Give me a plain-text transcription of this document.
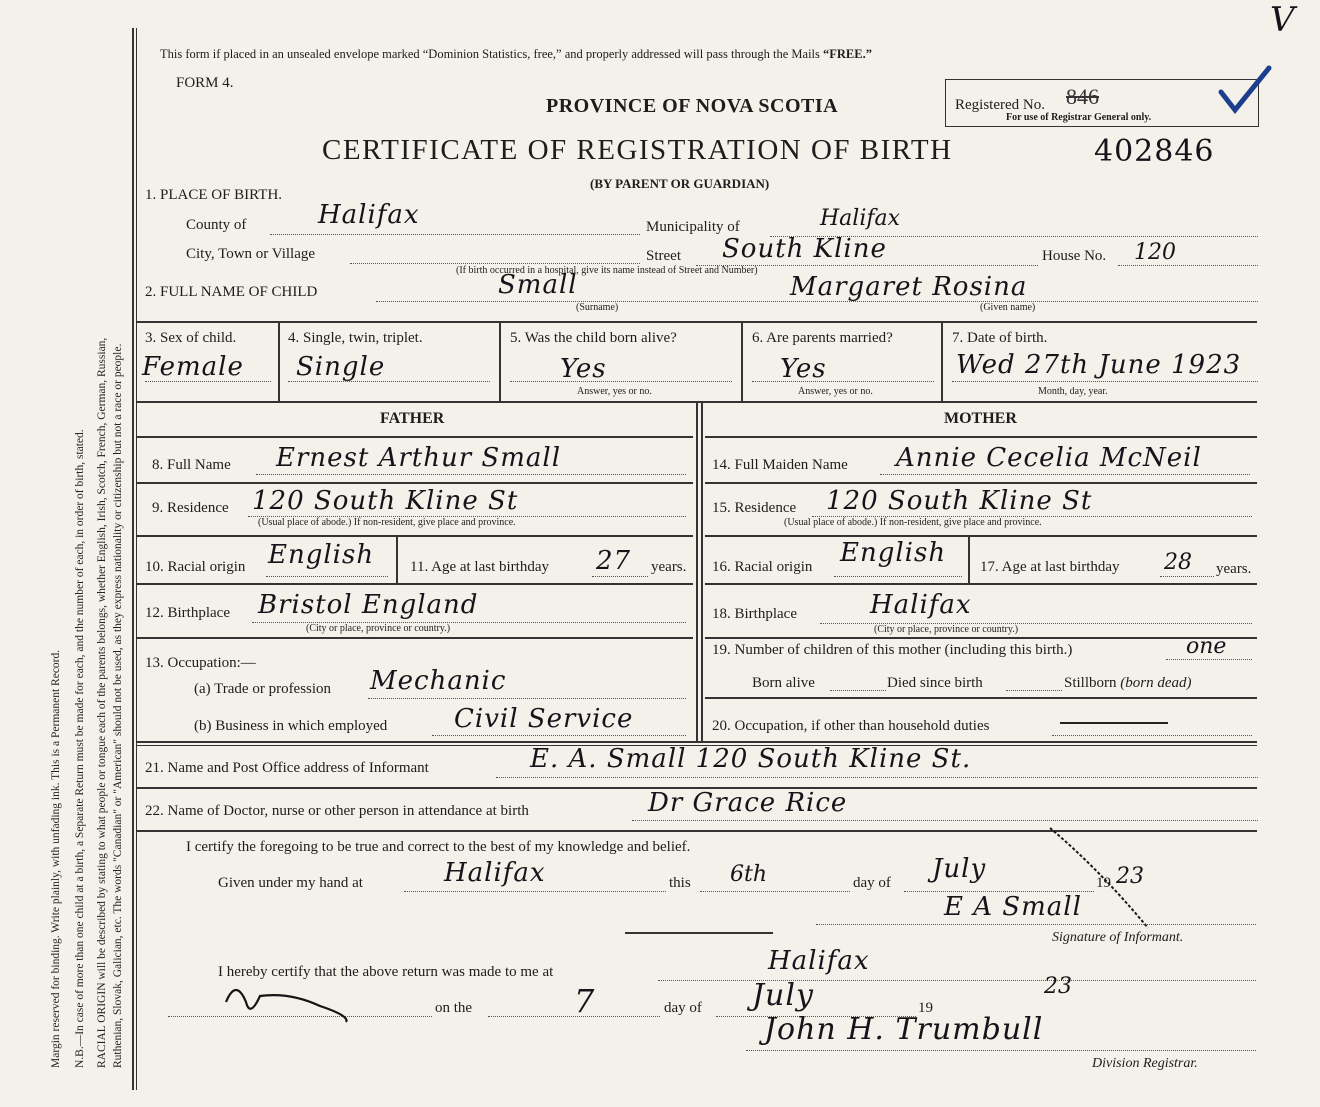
Margin reserved for binding. Write plainly, with unfading ink. This is a Permanent Record. N.B.—In case of more than one child at a birth, a Separate Return must be made for each, and the number of each, in order of birth, stated. RACIAL ORIGIN will be described by stating to what people or tongue each of the parents belongs, whether English, Irish, Scotch, French, German, Russian, Ruthenian, Slovak, Galician, etc. The words "Canadian" or "American" should not be used, as they express nationality or citizenship but not a race or people.
This form if placed in an unsealed envelope marked “Dominion Statistics, free,” and properly addressed will pass through the Mails “FREE.”
FORM 4.
PROVINCE OF NOVA SCOTIA	Registered No. 846
For use of Registrar General only.
V
CERTIFICATE OF REGISTRATION OF BIRTH	402846
(BY PARENT OR GUARDIAN)
1. PLACE OF BIRTH.
County of	Halifax	Municipality of	Halifax
City, Town or Village	Street South Kline	House No. 120
(If birth occurred in a hospital, give its name instead of Street and Number)
2. FULL NAME OF CHILD	Small
(Surname)
Margaret Rosina
(Given name)
3. Sex of child.
Female
4. Single, twin, triplet.
Single
5. Was the child born alive?
Yes
Answer, yes or no.
6. Are parents married?
Yes
Answer, yes or no.
7. Date of birth.
Wed 27th June 1923
Month, day, year.
FATHER	MOTHER
8. Full Name Ernest Arthur Small	14. Full Maiden Name Annie Cecelia McNeil
9. Residence 120 South Kline St
(Usual place of abode.) If non-resident, give place and province.
15. Residence 120 South Kline St
(Usual place of abode.) If non-resident, give place and province.
10. Racial origin English 11. Age at last birthday 27 years. 16. Racial origin English 17. Age at last birthday 28 years.
12. Birthplace Bristol England
(City or place, province or country.)
18. Birthplace	Halifax
(City or place, province or country.)
13. Occupation:—
(a) Trade or profession Mechanic
(b) Business in which employed	Civil Service
19. Number of children of this mother (including this birth.)	one
Born alive	Died since birth	Stillborn (born dead)
20. Occupation, if other than household duties
21. Name and Post Office address of Informant	E. A. Small 120 South Kline St.
22. Name of Doctor, nurse or other person in attendance at birth	Dr Grace Rice
I certify the foregoing to be true and correct to the best of my knowledge and belief.
Given under my hand at	Halifax	this 6th	day of July	19 23
E A Small
Signature of Informant.
I hereby certify that the above return was made to me at	Halifax
on the	7	day of July	19
23
John H. Trumbull
Division Registrar.
